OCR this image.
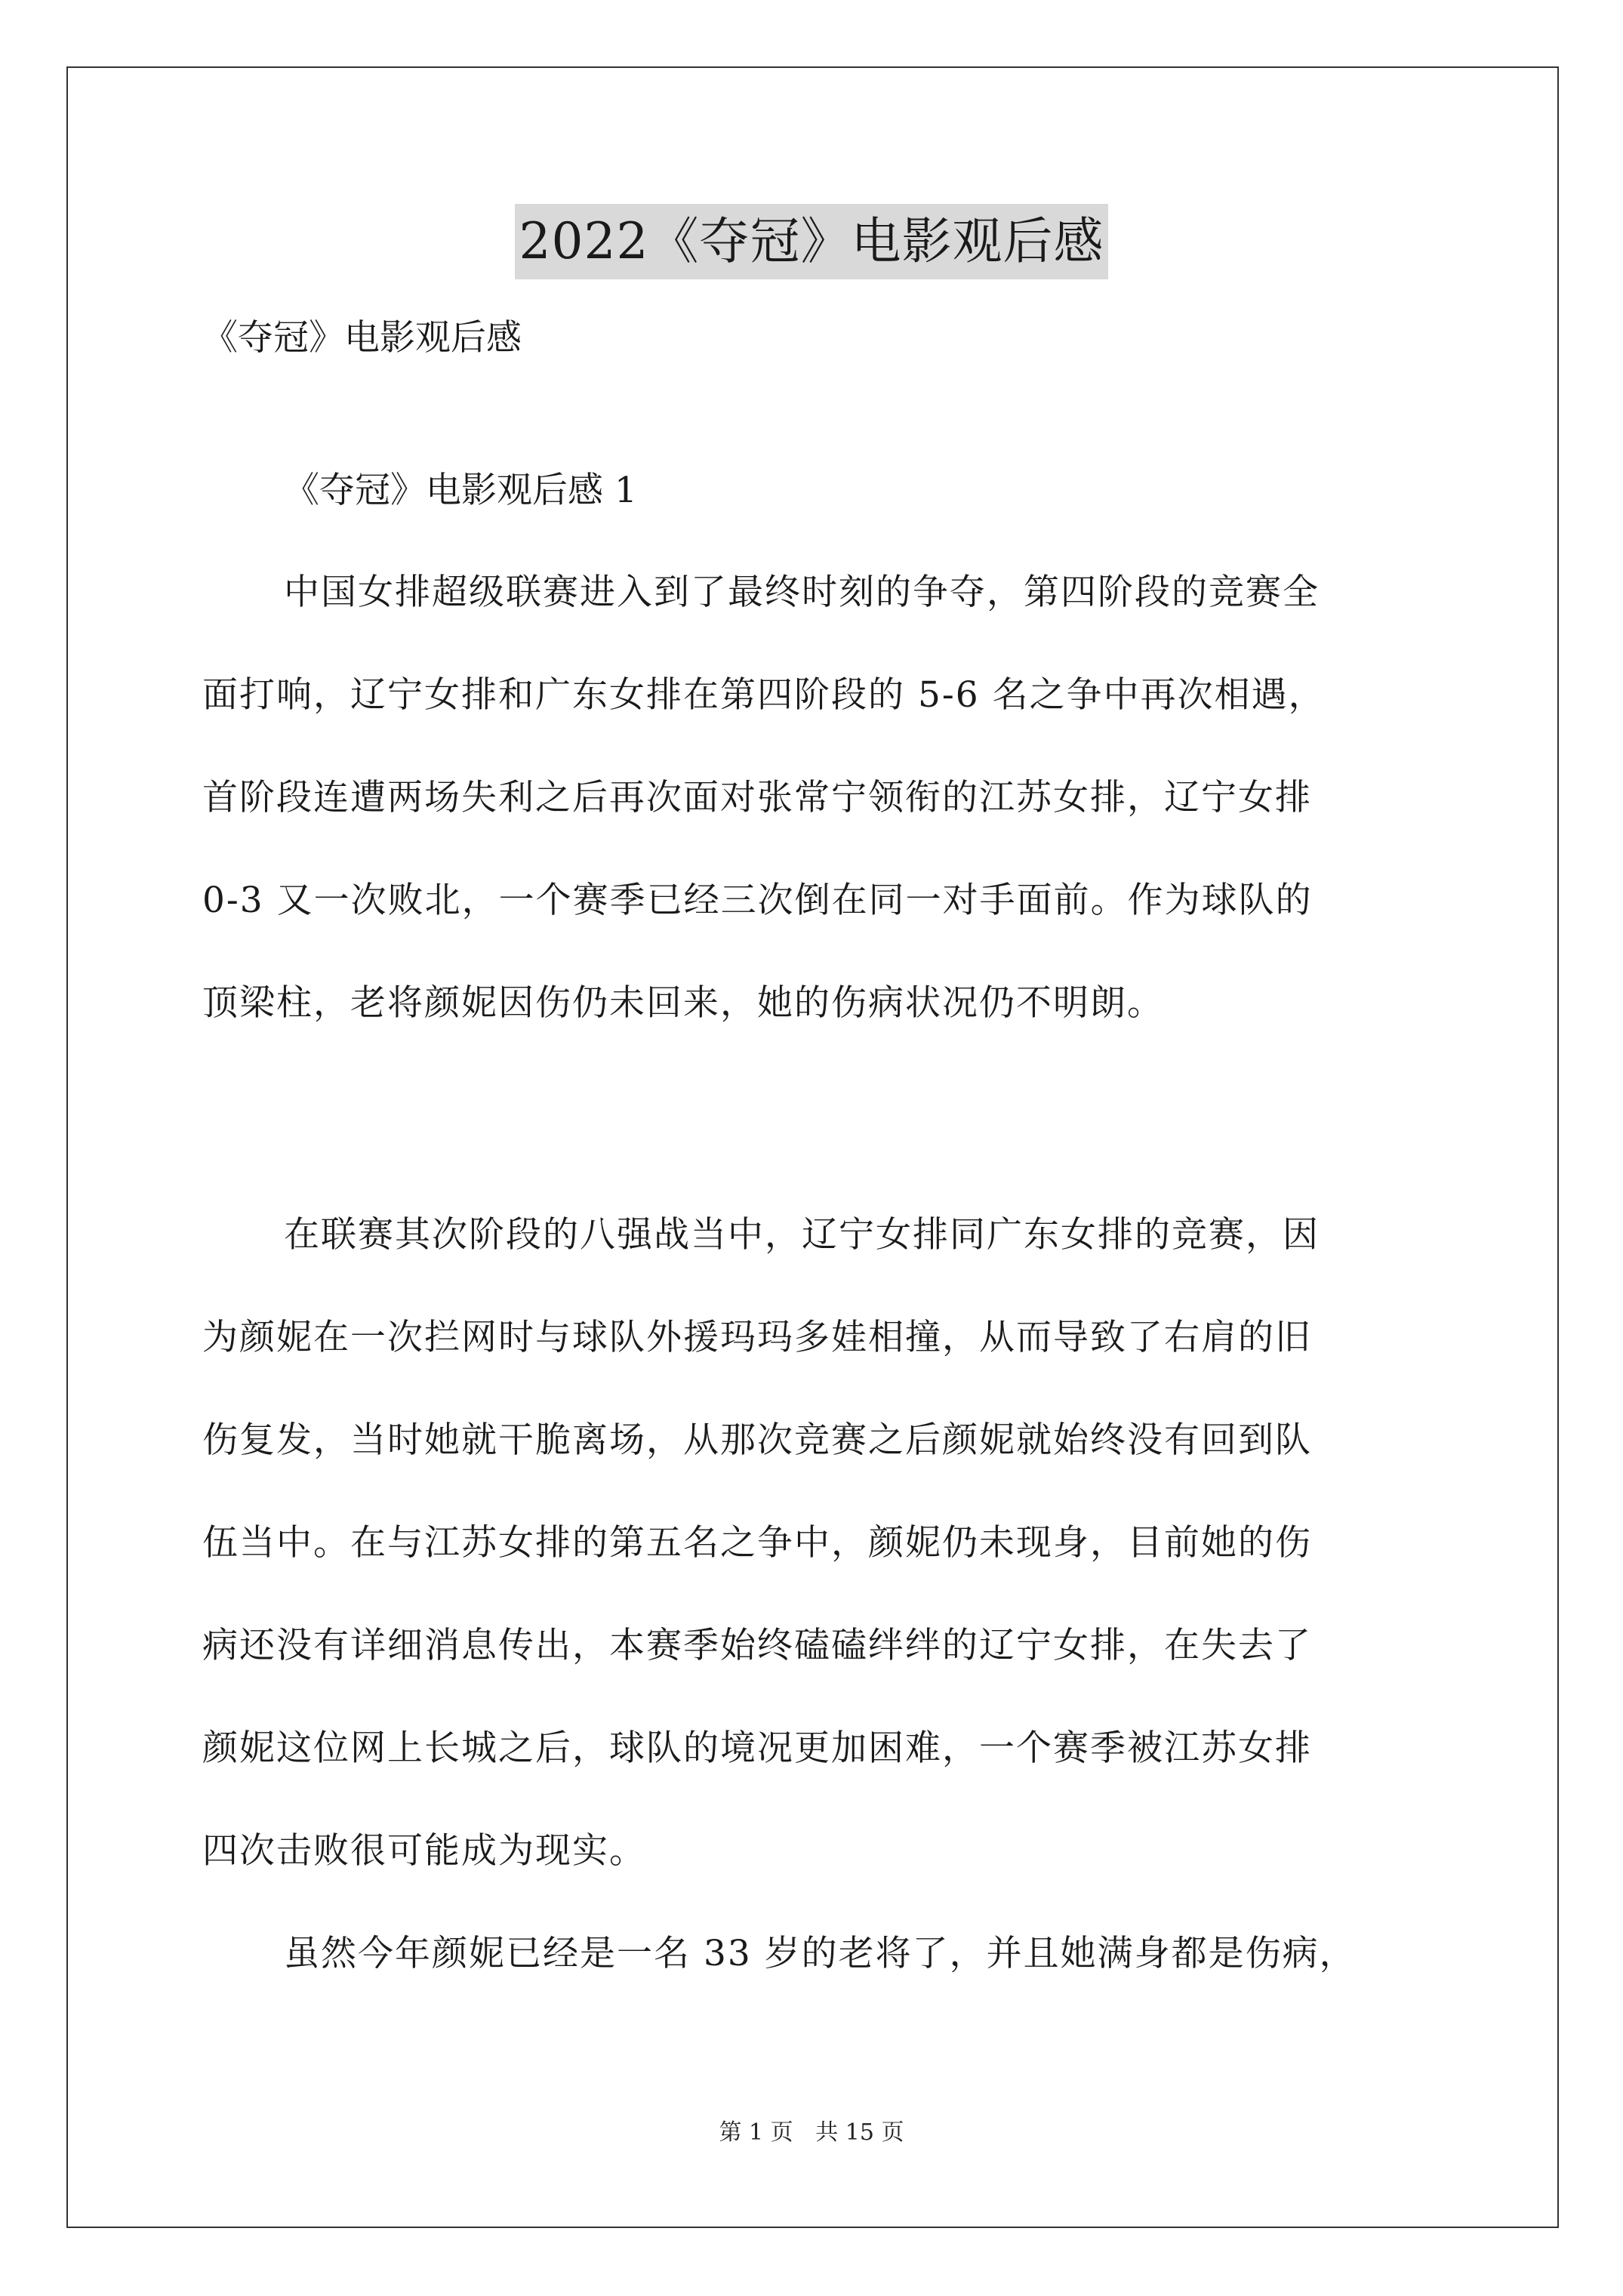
2022《夺冠》电影观后感
《夺冠》电影观后感
《夺冠》电影观后感 1
中国女排超级联赛进入到了最终时刻的争夺，第四阶段的竞赛全
面打响，辽宁女排和广东女排在第四阶段的 5-6 名之争中再次相遇，
首阶段连遭两场失利之后再次面对张常宁领衔的江苏女排，辽宁女排
0-3 又一次败北，一个赛季已经三次倒在同一对手面前。作为球队的
顶梁柱，老将颜妮因伤仍未回来，她的伤病状况仍不明朗。
在联赛其次阶段的八强战当中，辽宁女排同广东女排的竞赛，因
为颜妮在一次拦网时与球队外援玛玛多娃相撞，从而导致了右肩的旧
伤复发，当时她就干脆离场，从那次竞赛之后颜妮就始终没有回到队
伍当中。在与江苏女排的第五名之争中，颜妮仍未现身，目前她的伤
病还没有详细消息传出，本赛季始终磕磕绊绊的辽宁女排，在失去了
颜妮这位网上长城之后，球队的境况更加困难，一个赛季被江苏女排
四次击败很可能成为现实。
虽然今年颜妮已经是一名 33 岁的老将了，并且她满身都是伤病，
第 1 页 共 15 页
